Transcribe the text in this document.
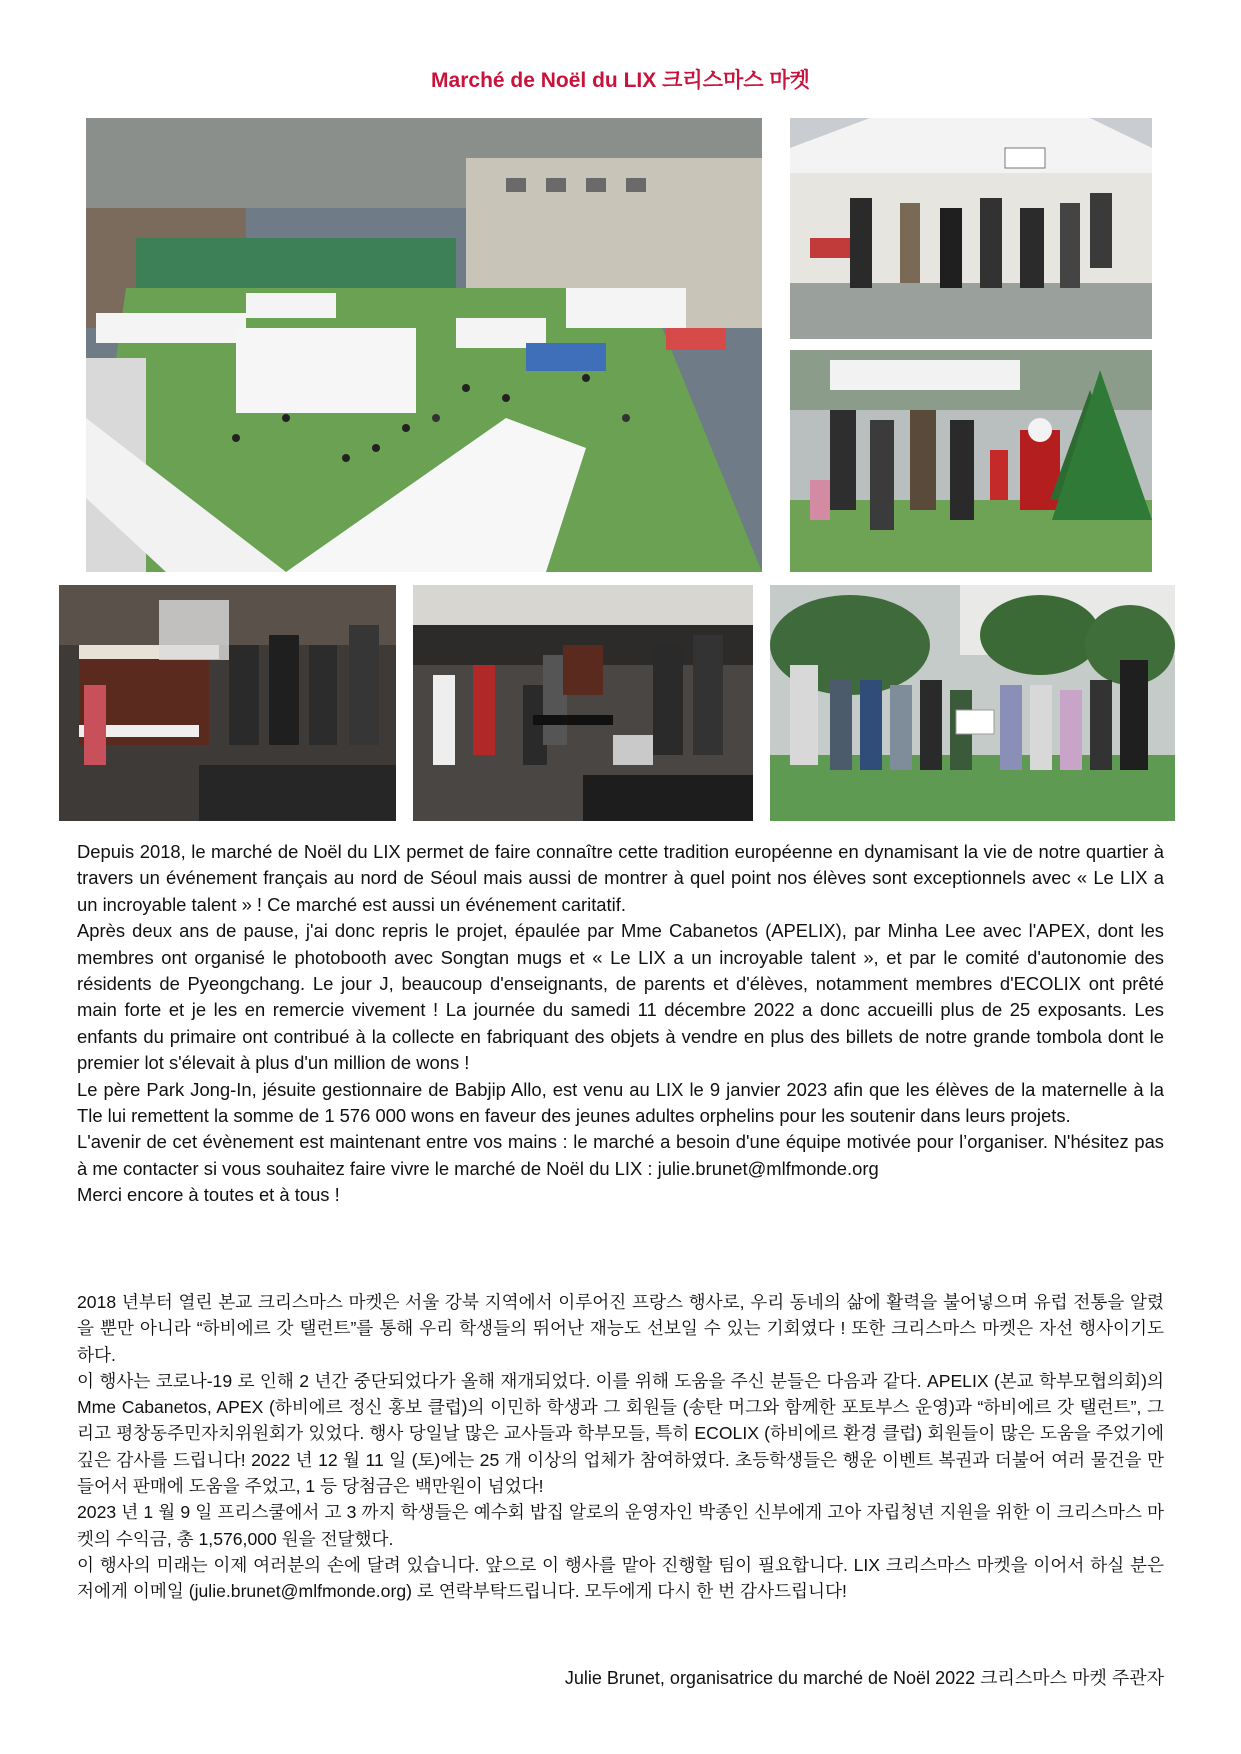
Marché de Noël du LIX 크리스마스 마켓

Depuis 2018, le marché de Noël du LIX permet de faire connaître cette tradition européenne en dynamisant la vie de notre quartier à travers un événement français au nord de Séoul mais aussi de montrer à quel point nos élèves sont exceptionnels avec « Le LIX a un incroyable talent » ! Ce marché est aussi un événement caritatif.

Après deux ans de pause, j'ai donc repris le projet, épaulée par Mme Cabanetos (APELIX), par Minha Lee avec l'APEX, dont les membres ont organisé le photobooth avec Songtan mugs et « Le LIX a un incroyable talent », et par le comité d'autonomie des résidents de Pyeongchang. Le jour J, beaucoup d'enseignants, de parents et d'élèves, notamment membres d'ECOLIX ont prêté main forte et je les en remercie vivement ! La journée du samedi 11 décembre 2022 a donc accueilli plus de 25 exposants. Les enfants du primaire ont contribué à la collecte en fabriquant des objets à vendre en plus des billets de notre grande tombola dont le premier lot s'élevait à plus d'un million de wons !

Le père Park Jong-In, jésuite gestionnaire de Babjip Allo, est venu au LIX le 9 janvier 2023 afin que les élèves de la maternelle à la Tle lui remettent la somme de 1 576 000 wons en faveur des jeunes adultes orphelins pour les soutenir dans leurs projets.

L'avenir de cet évènement est maintenant entre vos mains : le marché a besoin d'une équipe motivée pour l’organiser. N'hésitez pas à me contacter si vous souhaitez faire vivre le marché de Noël du LIX : julie.brunet@mlfmonde.org

Merci encore à toutes et à tous !

2018 년부터 열린 본교 크리스마스 마켓은 서울 강북 지역에서 이루어진 프랑스 행사로, 우리 동네의 삶에 활력을 불어넣으며 유럽 전통을 알렸을 뿐만 아니라 “하비에르 갓 탤런트”를 통해 우리 학생들의 뛰어난 재능도 선보일 수 있는 기회였다 ! 또한 크리스마스 마켓은 자선 행사이기도 하다.

이 행사는 코로나-19 로 인해 2 년간 중단되었다가 올해 재개되었다. 이를 위해 도움을 주신 분들은 다음과 같다. APELIX (본교 학부모협의회)의 Mme Cabanetos, APEX (하비에르 정신 홍보 클럽)의 이민하 학생과 그 회원들 (송탄 머그와 함께한 포토부스 운영)과 “하비에르 갓 탤런트”, 그리고 평창동주민자치위원회가 있었다. 행사 당일날 많은 교사들과 학부모들, 특히 ECOLIX (하비에르 환경 클럽) 회원들이 많은 도움을 주었기에 깊은 감사를 드립니다! 2022 년 12 월 11 일 (토)에는 25 개 이상의 업체가 참여하였다. 초등학생들은 행운 이벤트 복권과 더불어 여러 물건을 만들어서 판매에 도움을 주었고, 1 등 당첨금은 백만원이 넘었다!

2023 년 1 월 9 일 프리스쿨에서 고 3 까지 학생들은 예수회 밥집 알로의 운영자인 박종인 신부에게 고아 자립청년 지원을 위한 이 크리스마스 마켓의 수익금, 총 1,576,000 원을 전달했다.

이 행사의 미래는 이제 여러분의 손에 달려 있습니다. 앞으로 이 행사를 맡아 진행할 팀이 필요합니다. LIX 크리스마스 마켓을 이어서 하실 분은 저에게 이메일 (julie.brunet@mlfmonde.org) 로 연락부탁드립니다. 모두에게 다시 한 번 감사드립니다!

Julie Brunet, organisatrice du marché de Noël 2022 크리스마스 마켓 주관자
